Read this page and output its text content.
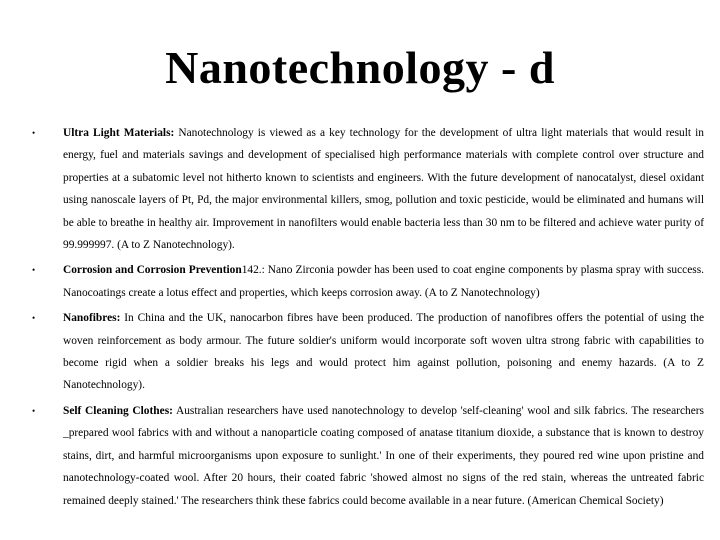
Nanotechnology - d
• Ultra Light Materials: Nanotechnology is viewed as a key technology for the development of ultra light materials that would result in energy, fuel and materials savings and development of specialised high performance materials with complete control over structure and properties at a subatomic level not hitherto known to scientists and engineers. With the future development of nanocatalyst, diesel oxidant using nanoscale layers of Pt, Pd, the major environmental killers, smog, pollution and toxic pesticide, would be eliminated and humans will be able to breathe in healthy air. Improvement in nanofilters would enable bacteria less than 30 nm to be filtered and achieve water purity of 99.999997. (A to Z Nanotechnology).
• Corrosion and Corrosion Prevention142.: Nano Zirconia powder has been used to coat engine components by plasma spray with success. Nanocoatings create a lotus effect and properties, which keeps corrosion away. (A to Z Nanotechnology)
• Nanofibres: In China and the UK, nanocarbon fibres have been produced. The production of nanofibres offers the potential of using the woven reinforcement as body armour. The future soldier's uniform would incorporate soft woven ultra strong fabric with capabilities to become rigid when a soldier breaks his legs and would protect him against pollution, poisoning and enemy hazards. (A to Z Nanotechnology).
• Self Cleaning Clothes: Australian researchers have used nanotechnology to develop 'self-cleaning' wool and silk fabrics. The researchers _prepared wool fabrics with and without a nanoparticle coating composed of anatase titanium dioxide, a substance that is known to destroy stains, dirt, and harmful microorganisms upon exposure to sunlight.' In one of their experiments, they poured red wine upon pristine and nanotechnology-coated wool. After 20 hours, their coated fabric 'showed almost no signs of the red stain, whereas the untreated fabric remained deeply stained.' The researchers think these fabrics could become available in a near future. (American Chemical Society)
